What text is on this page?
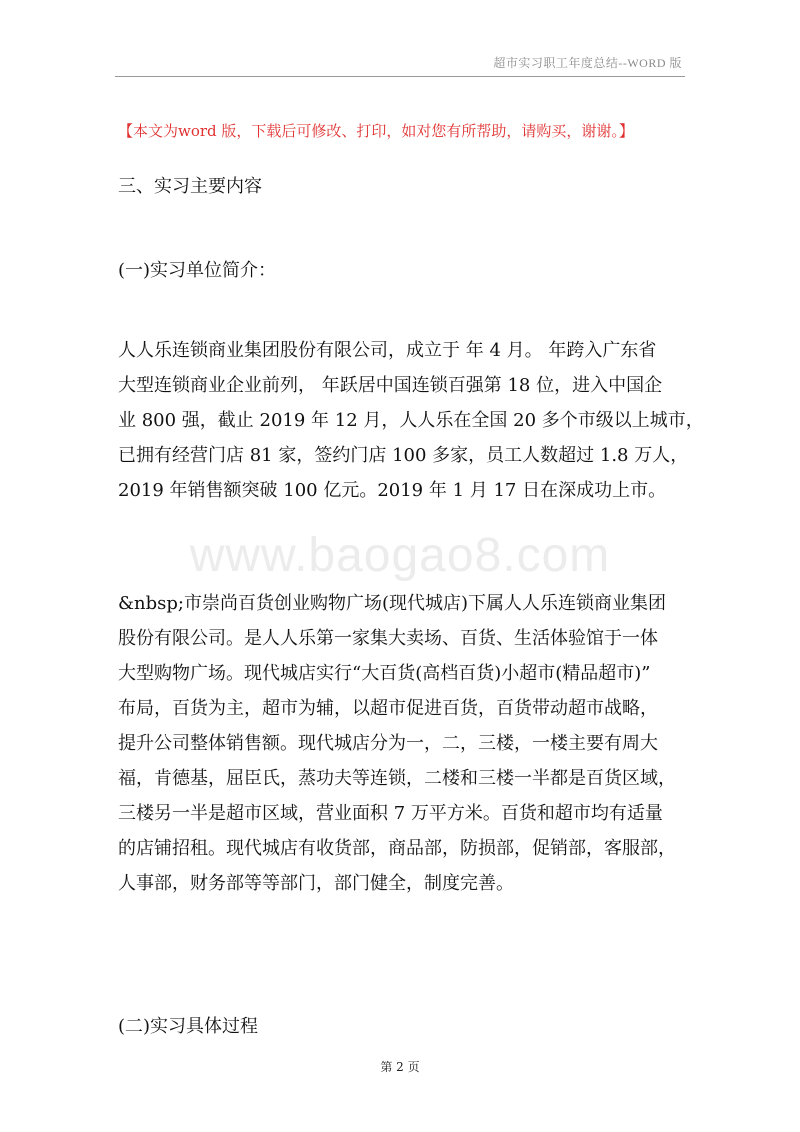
超市实习职工年度总结--WORD 版
【本文为word 版，下载后可修改、打印，如对您有所帮助，请购买，谢谢。】
三、实习主要内容
(一)实习单位简介：
人人乐连锁商业集团股份有限公司，成立于 年 4 月。 年跨入广东省
大型连锁商业企业前列， 年跃居中国连锁百强第 18 位，进入中国企
业 800 强，截止 2019 年 12 月，人人乐在全国 20 多个市级以上城市，
已拥有经营门店 81 家，签约门店 100 多家，员工人数超过 1.8 万人，
2019 年销售额突破 100 亿元。2019 年 1 月 17 日在深成功上市。
www.baogao8.com
&nbsp;市崇尚百货创业购物广场(现代城店)下属人人乐连锁商业集团
股份有限公司。是人人乐第一家集大卖场、百货、生活体验馆于一体
大型购物广场。现代城店实行“大百货(高档百货)小超市(精品超市)”
布局，百货为主，超市为辅，以超市促进百货，百货带动超市战略，
提升公司整体销售额。现代城店分为一，二，三楼，一楼主要有周大
福，肯德基，屈臣氏，蒸功夫等连锁，二楼和三楼一半都是百货区域，
三楼另一半是超市区域，营业面积 7 万平方米。百货和超市均有适量
的店铺招租。现代城店有收货部，商品部，防损部，促销部，客服部，
人事部，财务部等等部门，部门健全，制度完善。
(二)实习具体过程
第 2 页
